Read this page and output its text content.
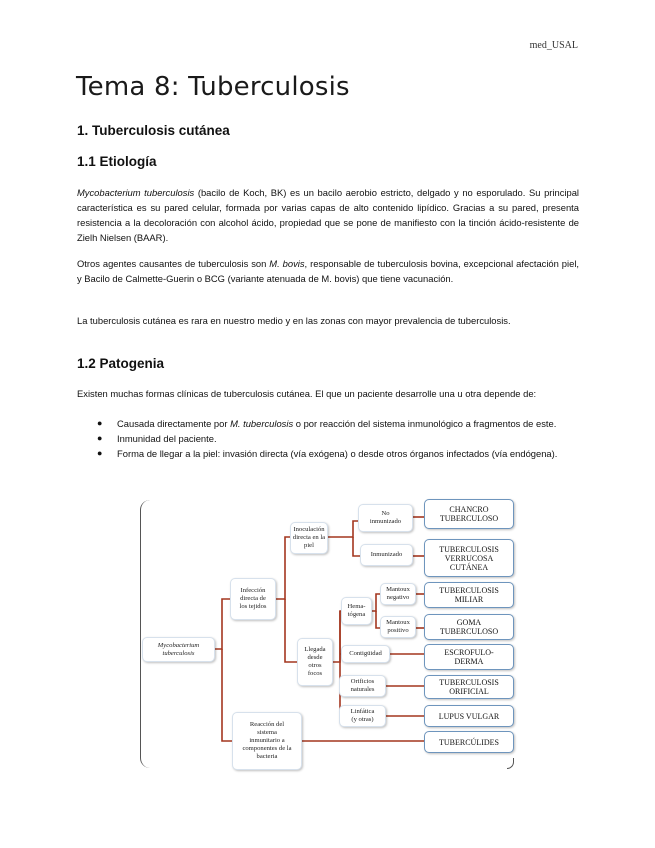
med_USAL
Tema 8: Tuberculosis
1. Tuberculosis cutánea
1.1 Etiología

Mycobacterium tuberculosis (bacilo de Koch, BK) es un bacilo aerobio estricto, delgado y no esporulado. Su principal característica es su pared celular, formada por varias capas de alto contenido lipídico. Gracias a su pared, presenta resistencia a la decoloración con alcohol ácido, propiedad que se pone de manifiesto con la tinción ácido-resistente de Zielh Nielsen (BAAR).

Otros agentes causantes de tuberculosis son M. bovis, responsable de tuberculosis bovina, excepcional afectación piel, y Bacilo de Calmette-Guerin o BCG (variante atenuada de M. bovis) que tiene vacunación.

La tuberculosis cutánea es rara en nuestro medio y en las zonas con mayor prevalencia de tuberculosis.

1.2 Patogenia

Existen muchas formas clínicas de tuberculosis cutánea. El que un paciente desarrolle una u otra depende de:

● Causada directamente por M. tuberculosis o por reacción del sistema inmunológico a fragmentos de este.
● Inmunidad del paciente.
● Forma de llegar a la piel: invasión directa (vía exógena) o desde otros órganos infectados (vía endógena).
Mycobacterium
tuberculosis
Infección
directa de
los tejidos
Reacción del
sistema
inmunitario a
componentes de la
bacteria
Inoculación
directa en la
piel
Llegada
desde
otros
focos
No
inmunizado
Inmunizado
Hema-
tógena
Mantoux
negativo
Mantoux
positivo
Contigüidad
Orificios
naturales
Linfática
(y otras)
CHANCRO
TUBERCULOSO
TUBERCULOSIS
VERRUCOSA
CUTÁNEA
TUBERCULOSIS
MILIAR
GOMA
TUBERCULOSO
ESCROFULO-
DERMA
TUBERCULOSIS
ORIFICIAL
LUPUS VULGAR
TUBERCÚLIDES
